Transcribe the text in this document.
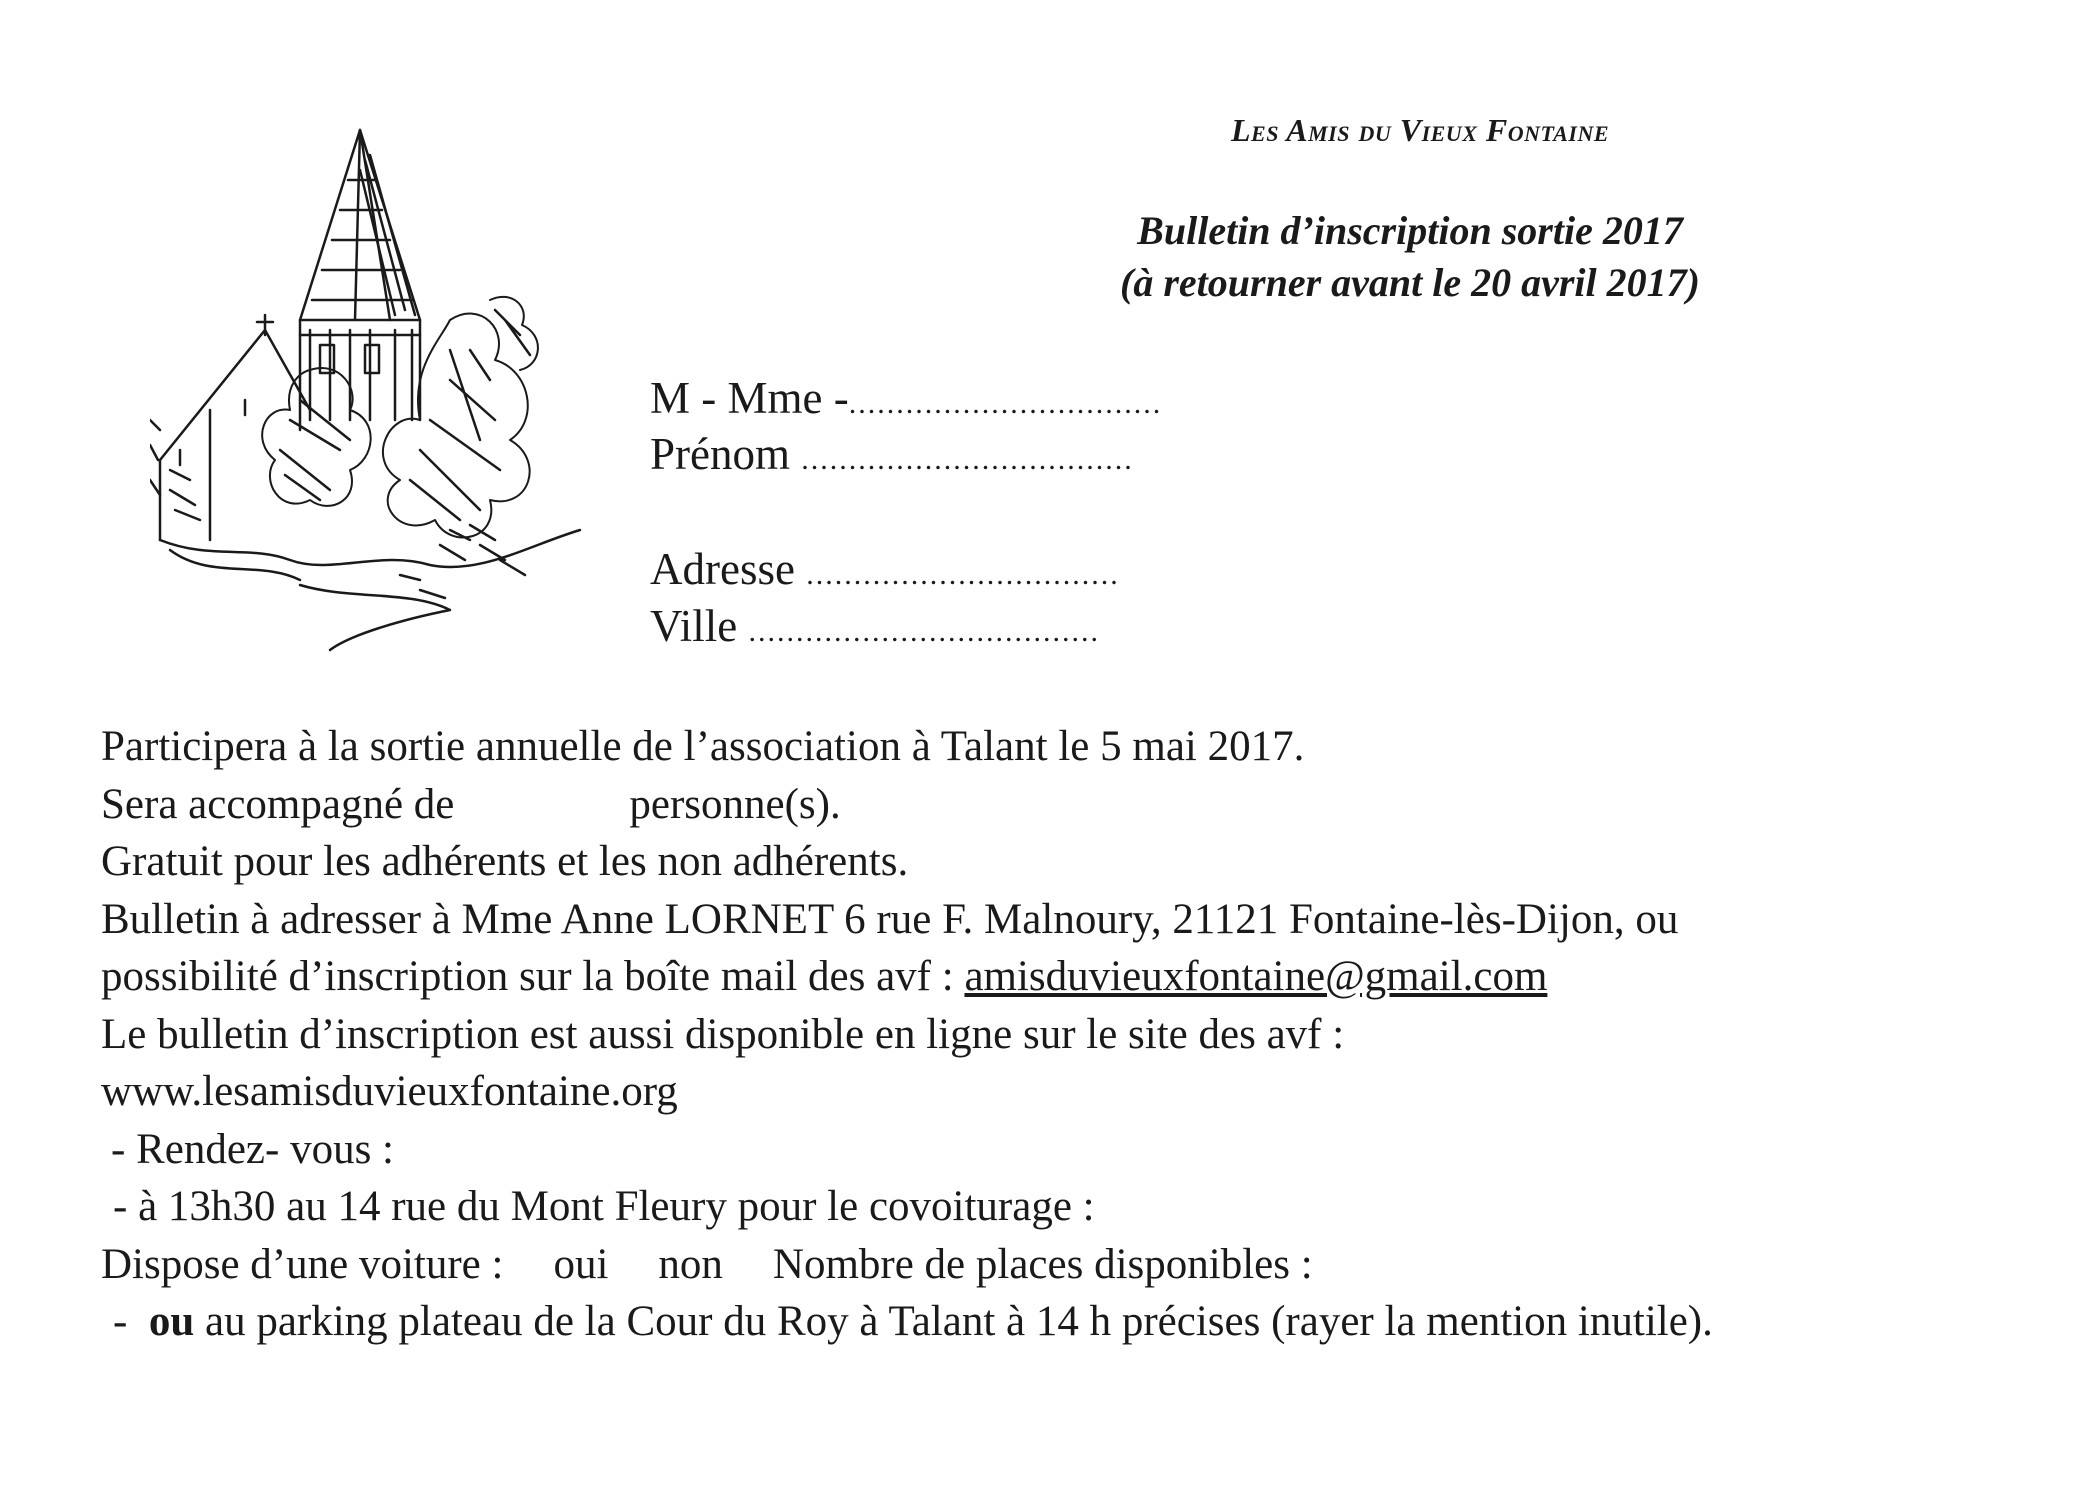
Les Amis du Vieux Fontaine
Bulletin d’inscription sortie 2017
(à retourner avant le 20 avril 2017)
M - Mme -.................................
Prénom ...................................
Adresse .................................
Ville .....................................
Participera à la sortie annuelle de l’association à Talant le 5 mai 2017.
Sera accompagné de	personne(s).
Gratuit pour les adhérents et les non adhérents.
Bulletin à adresser à Mme Anne LORNET 6 rue F. Malnoury, 21121 Fontaine-lès-Dijon, ou
possibilité d’inscription sur la boîte mail des avf : amisduvieuxfontaine@gmail.com
Le bulletin d’inscription est aussi disponible en ligne sur le site des avf :
www.lesamisduvieuxfontaine.org
- Rendez- vous :
- à 13h30 au 14 rue du Mont Fleury pour le covoiturage :
Dispose d’une voiture : oui non Nombre de places disponibles :
- ou au parking plateau de la Cour du Roy à Talant à 14 h précises (rayer la mention inutile).
